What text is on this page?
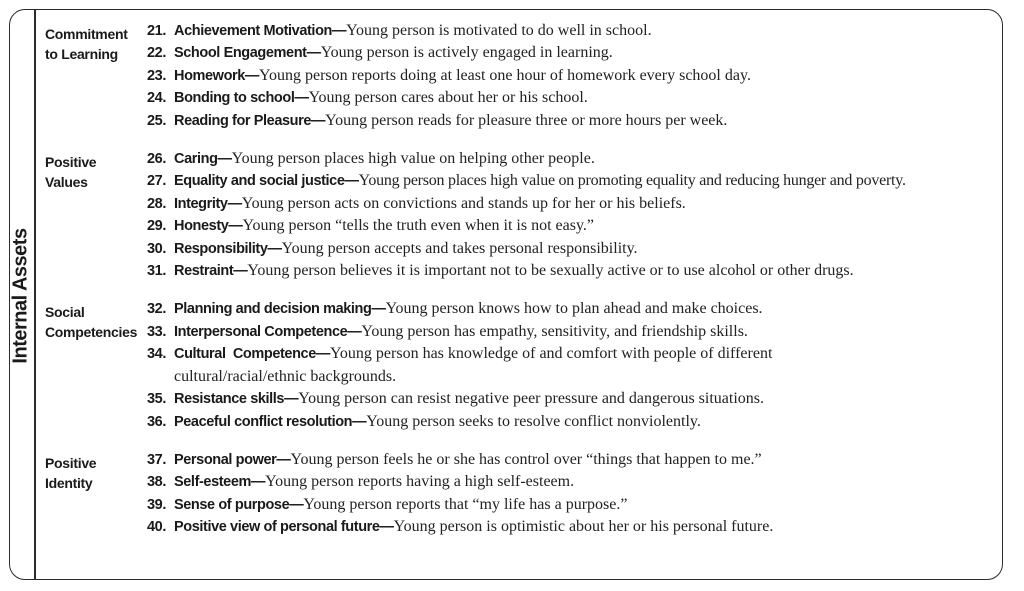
Internal Assets
Commitment to Learning
21. Achievement Motivation—Young person is motivated to do well in school.
22. School Engagement—Young person is actively engaged in learning.
23. Homework—Young person reports doing at least one hour of homework every school day.
24. Bonding to school—Young person cares about her or his school.
25. Reading for Pleasure—Young person reads for pleasure three or more hours per week.
Positive Values
26. Caring—Young person places high value on helping other people.
27. Equality and social justice—Young person places high value on promoting equality and reducing hunger and poverty.
28. Integrity—Young person acts on convictions and stands up for her or his beliefs.
29. Honesty—Young person “tells the truth even when it is not easy.”
30. Responsibility—Young person accepts and takes personal responsibility.
31. Restraint—Young person believes it is important not to be sexually active or to use alcohol or other drugs.
Social Competencies
32. Planning and decision making—Young person knows how to plan ahead and make choices.
33. Interpersonal Competence—Young person has empathy, sensitivity, and friendship skills.
34. Cultural  Competence—Young person has knowledge of and comfort with people of different cultural/racial/ethnic backgrounds.
35. Resistance skills—Young person can resist negative peer pressure and dangerous situations.
36. Peaceful conflict resolution—Young person seeks to resolve conflict nonviolently.
Positive Identity
37. Personal power—Young person feels he or she has control over “things that happen to me.”
38. Self-esteem—Young person reports having a high self-esteem.
39. Sense of purpose—Young person reports that “my life has a purpose.”
40. Positive view of personal future—Young person is optimistic about her or his personal future.
